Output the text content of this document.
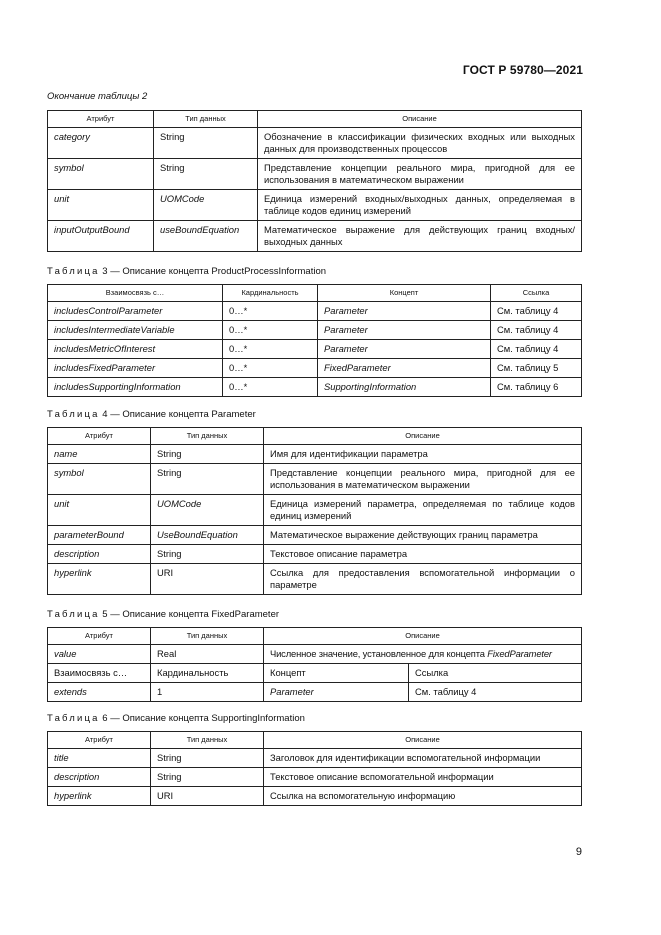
ГОСТ Р 59780—2021
Окончание таблицы 2
Атрибут	Тип данных	Описание
category	String	Обозначение в классификации физических входных или выходных данных для производственных процессов
symbol	String	Представление концепции реального мира, пригодной для ее использования в математическом выражении
unit	UOMCode	Единица измерений входных/выходных данных, определяемая в таблице кодов единиц измерений
inputOutputBound	useBoundEquation	Математическое выражение для действующих границ входных/выходных данных
Таблица 3 — Описание концепта ProductProcessInformation
Взаимосвязь с…	Кардинальность	Концепт	Ссылка
includesControlParameter	0…*	Parameter	См. таблицу 4
includesIntermediateVariable	0…*	Parameter	См. таблицу 4
includesMetricOfInterest	0…*	Parameter	См. таблицу 4
includesFixedParameter	0…*	FixedParameter	См. таблицу 5
includesSupportingInformation	0…*	SupportingInformation	См. таблицу 6
Таблица 4 — Описание концепта Parameter
Атрибут	Тип данных	Описание
name	String	Имя для идентификации параметра
symbol	String	Представление концепции реального мира, пригодной для ее использования в математическом выражении
unit	UOMCode	Единица измерений параметра, определяемая по таблице кодов единиц измерений
parameterBound	UseBoundEquation	Математическое выражение действующих границ параметра
description	String	Текстовое описание параметра
hyperlink	URI	Ссылка для предоставления вспомогательной информации о параметре
Таблица 5 — Описание концепта FixedParameter
Атрибут	Тип данных	Описание	
value	Real	Численное значение, установленное для концепта FixedParameter	
Взаимосвязь с…	Кардинальность	Концепт	Ссылка
extends	1	Parameter	См. таблицу 4
Таблица 6 — Описание концепта SupportingInformation
Атрибут	Тип данных	Описание
title	String	Заголовок для идентификации вспомогательной информации
description	String	Текстовое описание вспомогательной информации
hyperlink	URI	Ссылка на вспомогательную информацию
9
